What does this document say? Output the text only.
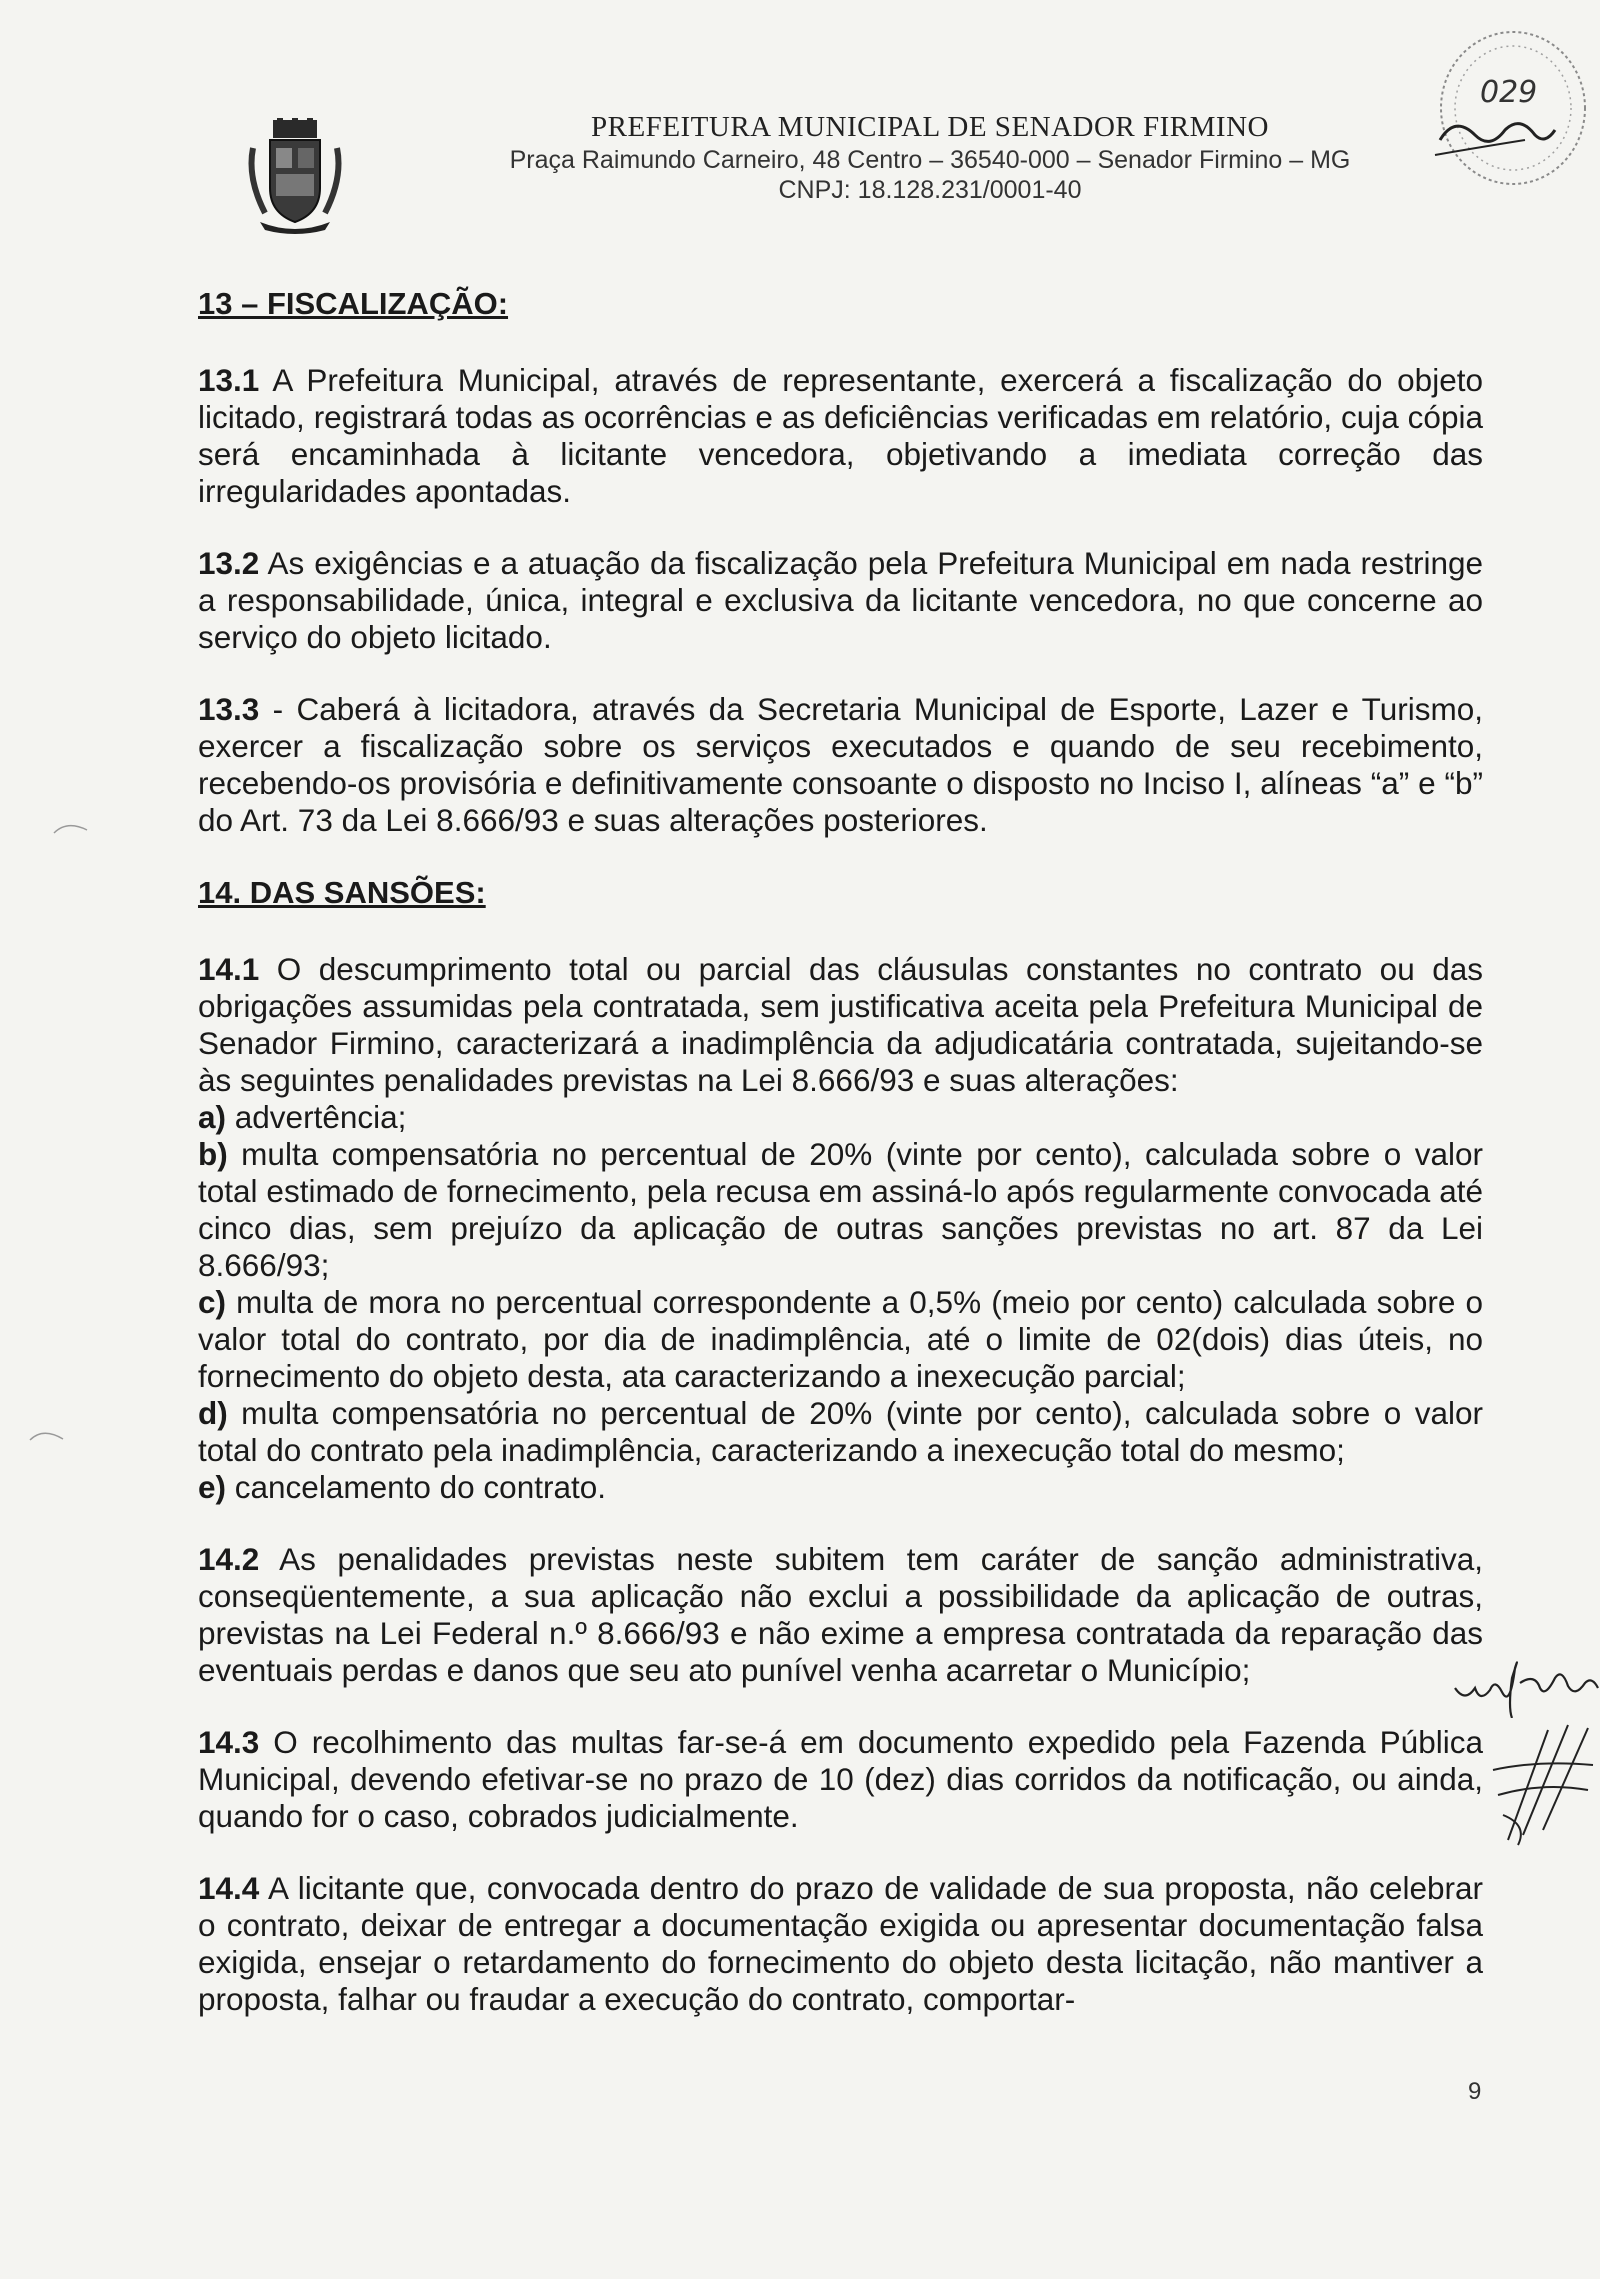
PREFEITURA MUNICIPAL DE SENADOR FIRMINO
Praça Raimundo Carneiro, 48 Centro – 36540-000 – Senador Firmino – MG
CNPJ: 18.128.231/0001-40
029

13 – FISCALIZAÇÃO:

13.1 A Prefeitura Municipal, através de representante, exercerá a fiscalização do objeto licitado, registrará todas as ocorrências e as deficiências verificadas em relatório, cuja cópia será encaminhada à licitante vencedora, objetivando a imediata correção das irregularidades apontadas.

13.2 As exigências e a atuação da fiscalização pela Prefeitura Municipal em nada restringe a responsabilidade, única, integral e exclusiva da licitante vencedora, no que concerne ao serviço do objeto licitado.

13.3 - Caberá à licitadora, através da Secretaria Municipal de Esporte, Lazer e Turismo, exercer a fiscalização sobre os serviços executados e quando de seu recebimento, recebendo-os provisória e definitivamente consoante o disposto no Inciso I, alíneas “a” e “b” do Art. 73 da Lei 8.666/93 e suas alterações posteriores.

14. DAS SANSÕES:

14.1 O descumprimento total ou parcial das cláusulas constantes no contrato ou das obrigações assumidas pela contratada, sem justificativa aceita pela Prefeitura Municipal de Senador Firmino, caracterizará a inadimplência da adjudicatária contratada, sujeitando-se às seguintes penalidades previstas na Lei 8.666/93 e suas alterações:

a) advertência;

b) multa compensatória no percentual de 20% (vinte por cento), calculada sobre o valor total estimado de fornecimento, pela recusa em assiná-lo após regularmente convocada até cinco dias, sem prejuízo da aplicação de outras sanções previstas no art. 87 da Lei 8.666/93;

c) multa de mora no percentual correspondente a 0,5% (meio por cento) calculada sobre o valor total do contrato, por dia de inadimplência, até o limite de 02(dois) dias úteis, no fornecimento do objeto desta, ata caracterizando a inexecução parcial;

d) multa compensatória no percentual de 20% (vinte por cento), calculada sobre o valor total do contrato pela inadimplência, caracterizando a inexecução total do mesmo;

e) cancelamento do contrato.

14.2 As penalidades previstas neste subitem tem caráter de sanção administrativa, conseqüentemente, a sua aplicação não exclui a possibilidade da aplicação de outras, previstas na Lei Federal n.º 8.666/93 e não exime a empresa contratada da reparação das eventuais perdas e danos que seu ato punível venha acarretar o Município;

14.3 O recolhimento das multas far-se-á em documento expedido pela Fazenda Pública Municipal, devendo efetivar-se no prazo de 10 (dez) dias corridos da notificação, ou ainda, quando for o caso, cobrados judicialmente.

14.4 A licitante que, convocada dentro do prazo de validade de sua proposta, não celebrar o contrato, deixar de entregar a documentação exigida ou apresentar documentação falsa exigida, ensejar o retardamento do fornecimento do objeto desta licitação, não mantiver a proposta, falhar ou fraudar a execução do contrato, comportar-

9
